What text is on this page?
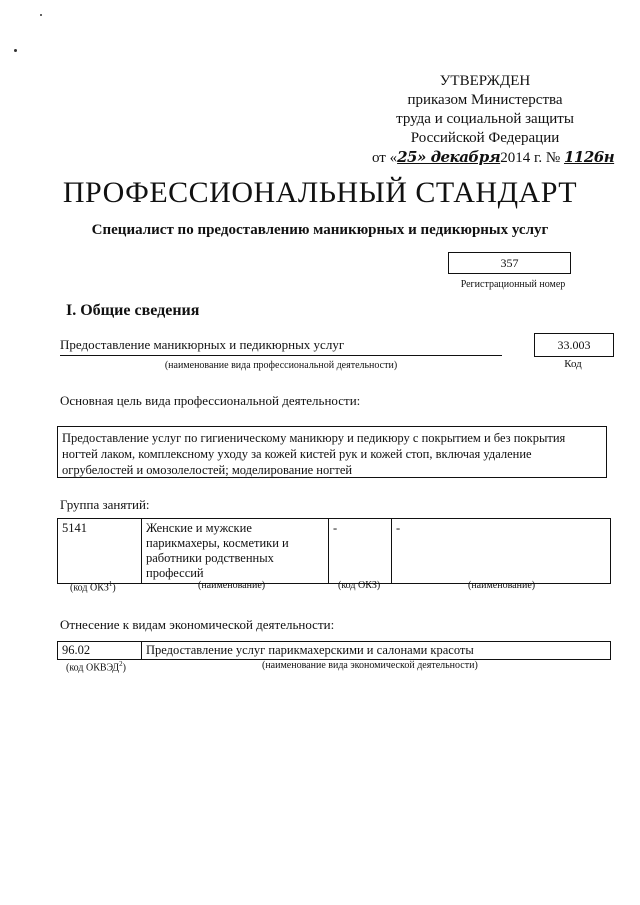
УТВЕРЖДЕН
приказом Министерства
труда и социальной защиты
Российской Федерации
от «25» декабря2014 г. № 1126н
ПРОФЕССИОНАЛЬНЫЙ СТАНДАРТ
Специалист по предоставлению маникюрных и педикюрных услуг
357
Регистрационный номер
I. Общие сведения
Предоставление маникюрных и педикюрных услуг
(наименование вида профессиональной деятельности)
33.003
Код
Основная цель вида профессиональной деятельности:
Предоставление услуг по гигиеническому маникюру и педикюру с покрытием и без покрытия ногтей лаком, комплексному уходу за кожей кистей рук и кожей стоп, включая удаление огрубелостей и омозолелостей; моделирование ногтей
Группа занятий:
5141	Женские и мужские парикмахеры, косметики и работники родственных профессий	-	-
(код ОКЗ$^1$)	(наименование)	(код ОКЗ)	(наименование)
Отнесение к видам экономической деятельности:
96.02	Предоставление услуг парикмахерскими и салонами красоты
(код ОКВЭД$^2$)	(наименование вида экономической деятельности)
